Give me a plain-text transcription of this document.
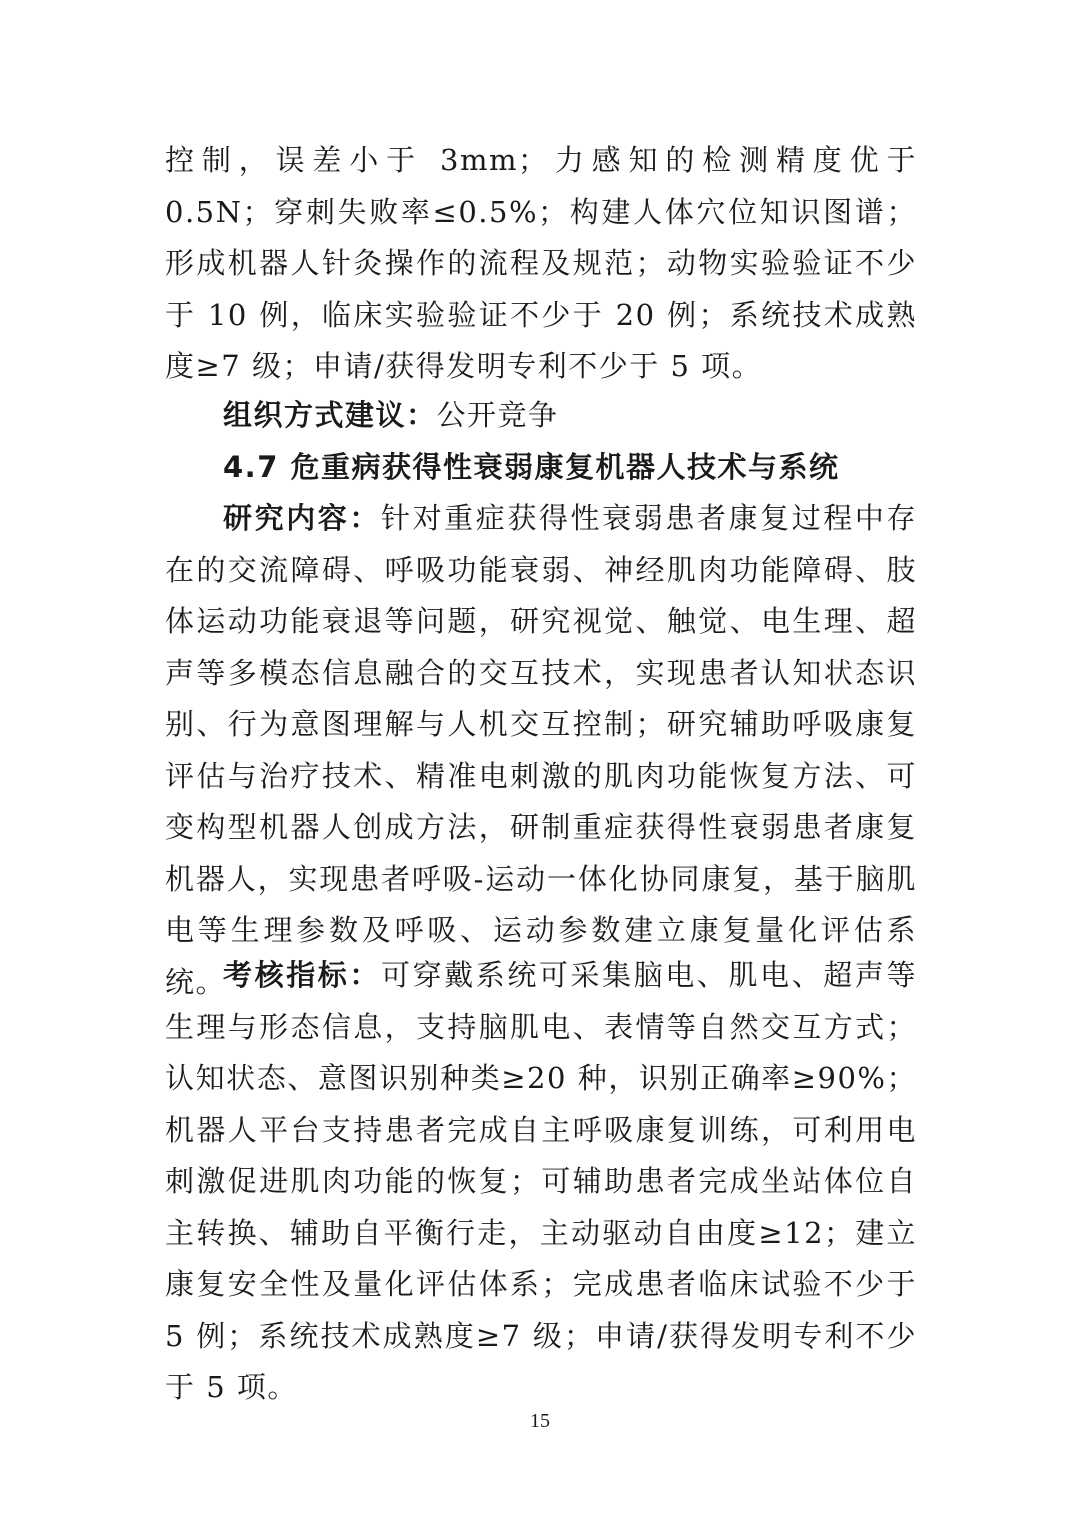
控制，误差小于 3mm；力感知的检测精度优于 0.5N；穿刺失败率≤0.5%；构建人体穴位知识图谱；形成机器人针灸操作的流程及规范；动物实验验证不少于 10 例，临床实验验证不少于 20 例；系统技术成熟度≥7 级；申请/获得发明专利不少于 5 项。

组织方式建议：公开竞争

4.7 危重病获得性衰弱康复机器人技术与系统

研究内容：针对重症获得性衰弱患者康复过程中存在的交流障碍、呼吸功能衰弱、神经肌肉功能障碍、肢体运动功能衰退等问题，研究视觉、触觉、电生理、超声等多模态信息融合的交互技术，实现患者认知状态识别、行为意图理解与人机交互控制；研究辅助呼吸康复评估与治疗技术、精准电刺激的肌肉功能恢复方法、可变构型机器人创成方法，研制重症获得性衰弱患者康复机器人，实现患者呼吸-运动一体化协同康复，基于脑肌电等生理参数及呼吸、运动参数建立康复量化评估系统。

考核指标：可穿戴系统可采集脑电、肌电、超声等生理与形态信息，支持脑肌电、表情等自然交互方式；认知状态、意图识别种类≥20 种，识别正确率≥90%；机器人平台支持患者完成自主呼吸康复训练，可利用电刺激促进肌肉功能的恢复；可辅助患者完成坐站体位自主转换、辅助自平衡行走，主动驱动自由度≥12；建立康复安全性及量化评估体系；完成患者临床试验不少于 5 例；系统技术成熟度≥7 级；申请/获得发明专利不少于 5 项。

15
